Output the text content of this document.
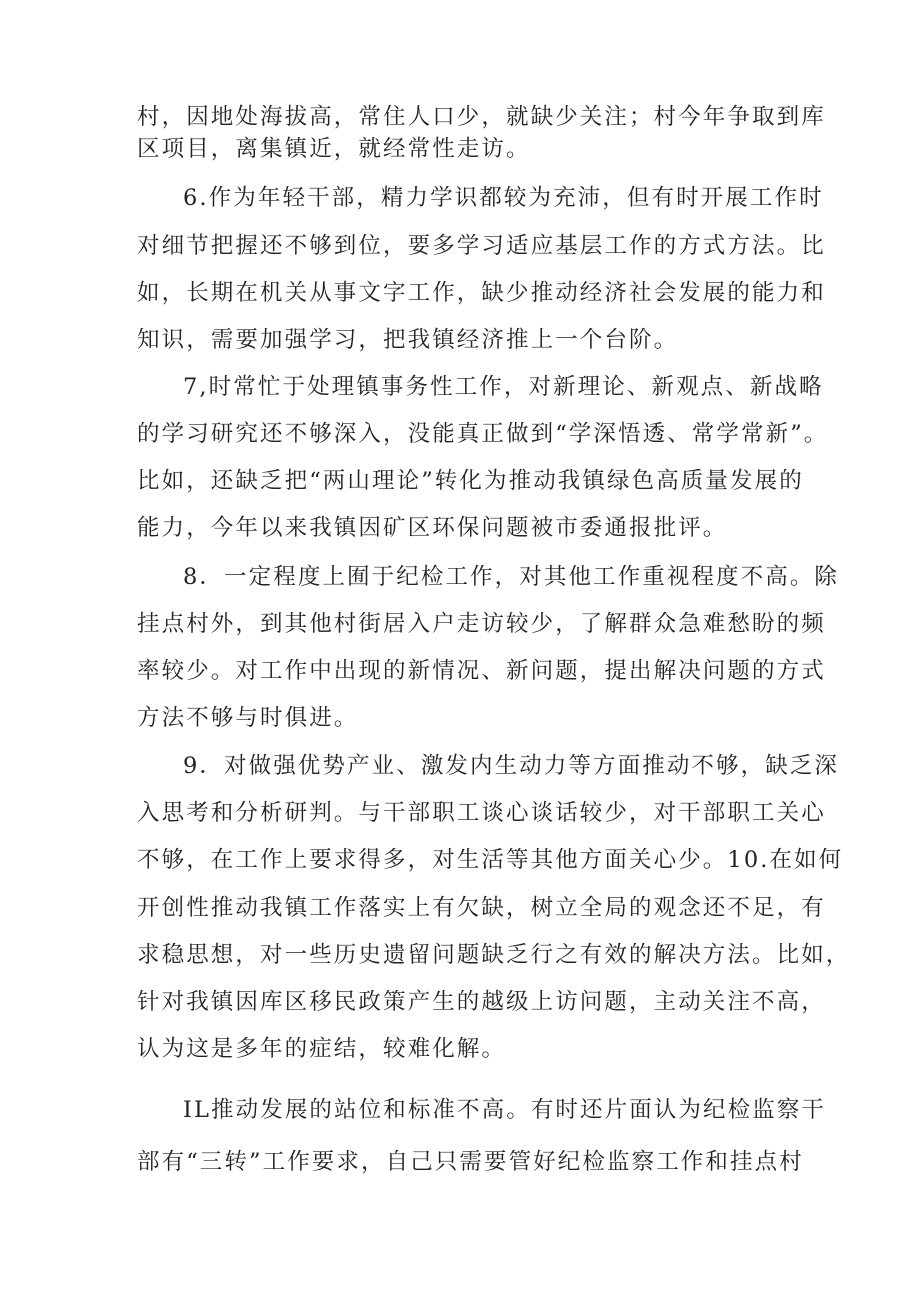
村，因地处海拔高，常住人口少，就缺少关注；村今年争取到库

区项目，离集镇近，就经常性走访。

6.作为年轻干部，精力学识都较为充沛，但有时开展工作时

对细节把握还不够到位，要多学习适应基层工作的方式方法。比

如，长期在机关从事文字工作，缺少推动经济社会发展的能力和

知识，需要加强学习，把我镇经济推上一个台阶。

7,时常忙于处理镇事务性工作，对新理论、新观点、新战略

的学习研究还不够深入，没能真正做到“学深悟透、常学常新”。

比如，还缺乏把“两山理论”转化为推动我镇绿色高质量发展的

能力，今年以来我镇因矿区环保问题被市委通报批评。

8．一定程度上囿于纪检工作，对其他工作重视程度不高。除

挂点村外，到其他村街居入户走访较少，了解群众急难愁盼的频

率较少。对工作中出现的新情况、新问题，提出解决问题的方式

方法不够与时俱进。

9．对做强优势产业、激发内生动力等方面推动不够，缺乏深

入思考和分析研判。与干部职工谈心谈话较少，对干部职工关心

不够，在工作上要求得多，对生活等其他方面关心少。10.在如何

开创性推动我镇工作落实上有欠缺，树立全局的观念还不足，有

求稳思想，对一些历史遗留问题缺乏行之有效的解决方法。比如，

针对我镇因库区移民政策产生的越级上访问题，主动关注不高，

认为这是多年的症结，较难化解。

IL推动发展的站位和标准不高。有时还片面认为纪检监察干

部有“三转”工作要求，自己只需要管好纪检监察工作和挂点村
